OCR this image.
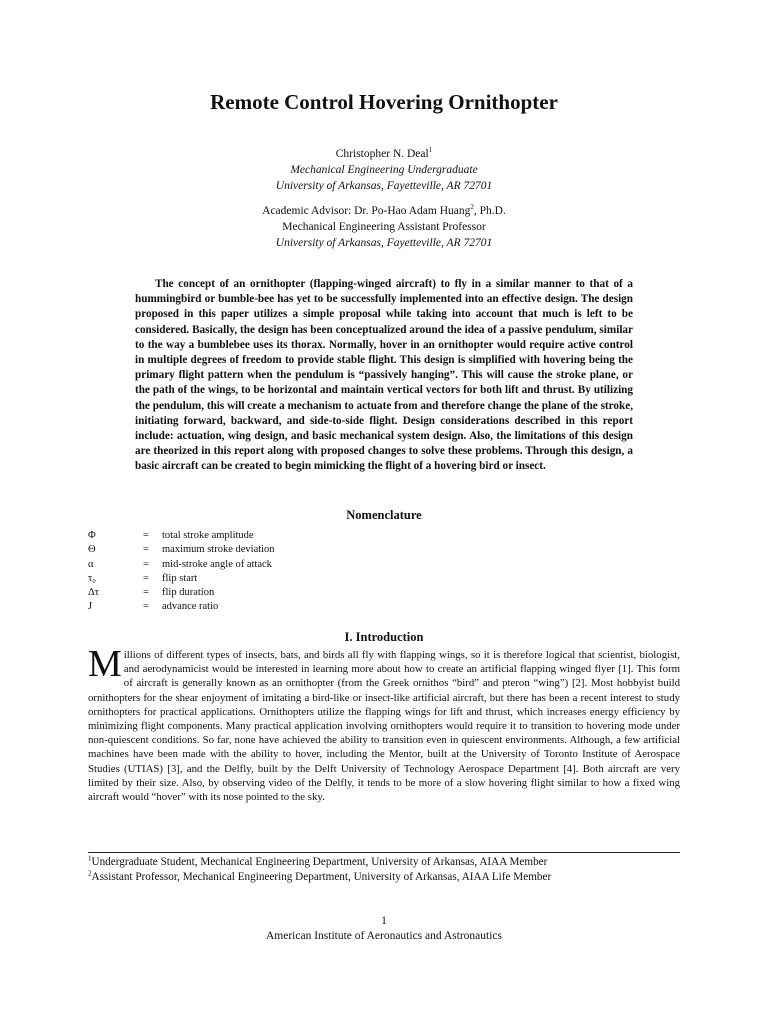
Remote Control Hovering Ornithopter
Christopher N. Deal$^1$
Mechanical Engineering Undergraduate
University of Arkansas, Fayetteville, AR 72701
Academic Advisor: Dr. Po-Hao Adam Huang$^2$, Ph.D.
Mechanical Engineering Assistant Professor
University of Arkansas, Fayetteville, AR 72701
The concept of an ornithopter (flapping-winged aircraft) to fly in a similar manner to that of a hummingbird or bumble-bee has yet to be successfully implemented into an effective design. The design proposed in this paper utilizes a simple proposal while taking into account that much is left to be considered. Basically, the design has been conceptualized around the idea of a passive pendulum, similar to the way a bumblebee uses its thorax. Normally, hover in an ornithopter would require active control in multiple degrees of freedom to provide stable flight. This design is simplified with hovering being the primary flight pattern when the pendulum is “passively hanging”. This will cause the stroke plane, or the path of the wings, to be horizontal and maintain vertical vectors for both lift and thrust. By utilizing the pendulum, this will create a mechanism to actuate from and therefore change the plane of the stroke, initiating forward, backward, and side-to-side flight. Design considerations described in this report include: actuation, wing design, and basic mechanical system design. Also, the limitations of this design are theorized in this report along with proposed changes to solve these problems. Through this design, a basic aircraft can be created to begin mimicking the flight of a hovering bird or insect.
Nomenclature
Φ	=	total stroke amplitude
Θ	=	maximum stroke deviation
α	=	mid-stroke angle of attack
τ₀	=	flip start
Δτ	=	flip duration
J	=	advance ratio
I. Introduction
Millions of different types of insects, bats, and birds all fly with flapping wings, so it is therefore logical that scientist, biologist, and aerodynamicist would be interested in learning more about how to create an artificial flapping winged flyer [1]. This form of aircraft is generally known as an ornithopter (from the Greek ornithos “bird” and pteron “wing”) [2]. Most hobbyist build ornithopters for the shear enjoyment of imitating a bird-like or insect-like artificial aircraft, but there has been a recent interest to study ornithopters for practical applications. Ornithopters utilize the flapping wings for lift and thrust, which increases energy efficiency by minimizing flight components. Many practical application involving ornithopters would require it to transition to hovering mode under non-quiescent conditions. So far, none have achieved the ability to transition even in quiescent environments. Although, a few artificial machines have been made with the ability to hover, including the Mentor, built at the University of Toronto Institute of Aerospace Studies (UTIAS) [3], and the Delfly, built by the Delft University of Technology Aerospace Department [4]. Both aircraft are very limited by their size. Also, by observing video of the Delfly, it tends to be more of a slow hovering flight similar to how a fixed wing aircraft would “hover” with its nose pointed to the sky.
$^1$Undergraduate Student, Mechanical Engineering Department, University of Arkansas, AIAA Member
$^2$Assistant Professor, Mechanical Engineering Department, University of Arkansas, AIAA Life Member
1
American Institute of Aeronautics and Astronautics
